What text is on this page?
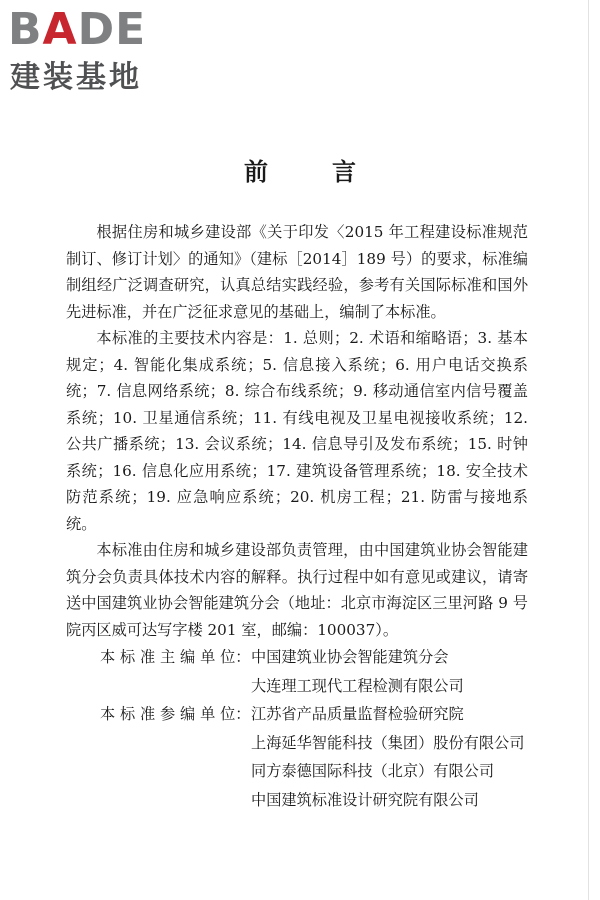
BADE
建装基地
前　言

根据住房和城乡建设部《关于印发〈2015 年工程建设标准规范制订、修订计划〉的通知》（建标［2014］189 号）的要求，标准编制组经广泛调查研究，认真总结实践经验，参考有关国际标准和国外先进标准，并在广泛征求意见的基础上，编制了本标准。

本标准的主要技术内容是：1. 总则；2. 术语和缩略语；3. 基本规定；4. 智能化集成系统；5. 信息接入系统；6. 用户电话交换系统；7. 信息网络系统；8. 综合布线系统；9. 移动通信室内信号覆盖系统；10. 卫星通信系统；11. 有线电视及卫星电视接收系统；12. 公共广播系统；13. 会议系统；14. 信息导引及发布系统；15. 时钟系统；16. 信息化应用系统；17. 建筑设备管理系统；18. 安全技术防范系统；19. 应急响应系统；20. 机房工程；21. 防雷与接地系统。

本标准由住房和城乡建设部负责管理，由中国建筑业协会智能建筑分会负责具体技术内容的解释。执行过程中如有意见或建议，请寄送中国建筑业协会智能建筑分会（地址：北京市海淀区三里河路 9 号院丙区威可达写字楼 201 室，邮编：100037）。

本 标 准 主 编 单 位： 中国建筑业协会智能建筑分会
大连理工现代工程检测有限公司
本 标 准 参 编 单 位： 江苏省产品质量监督检验研究院
上海延华智能科技（集团）股份有限公司
同方泰德国际科技（北京）有限公司
中国建筑标准设计研究院有限公司
